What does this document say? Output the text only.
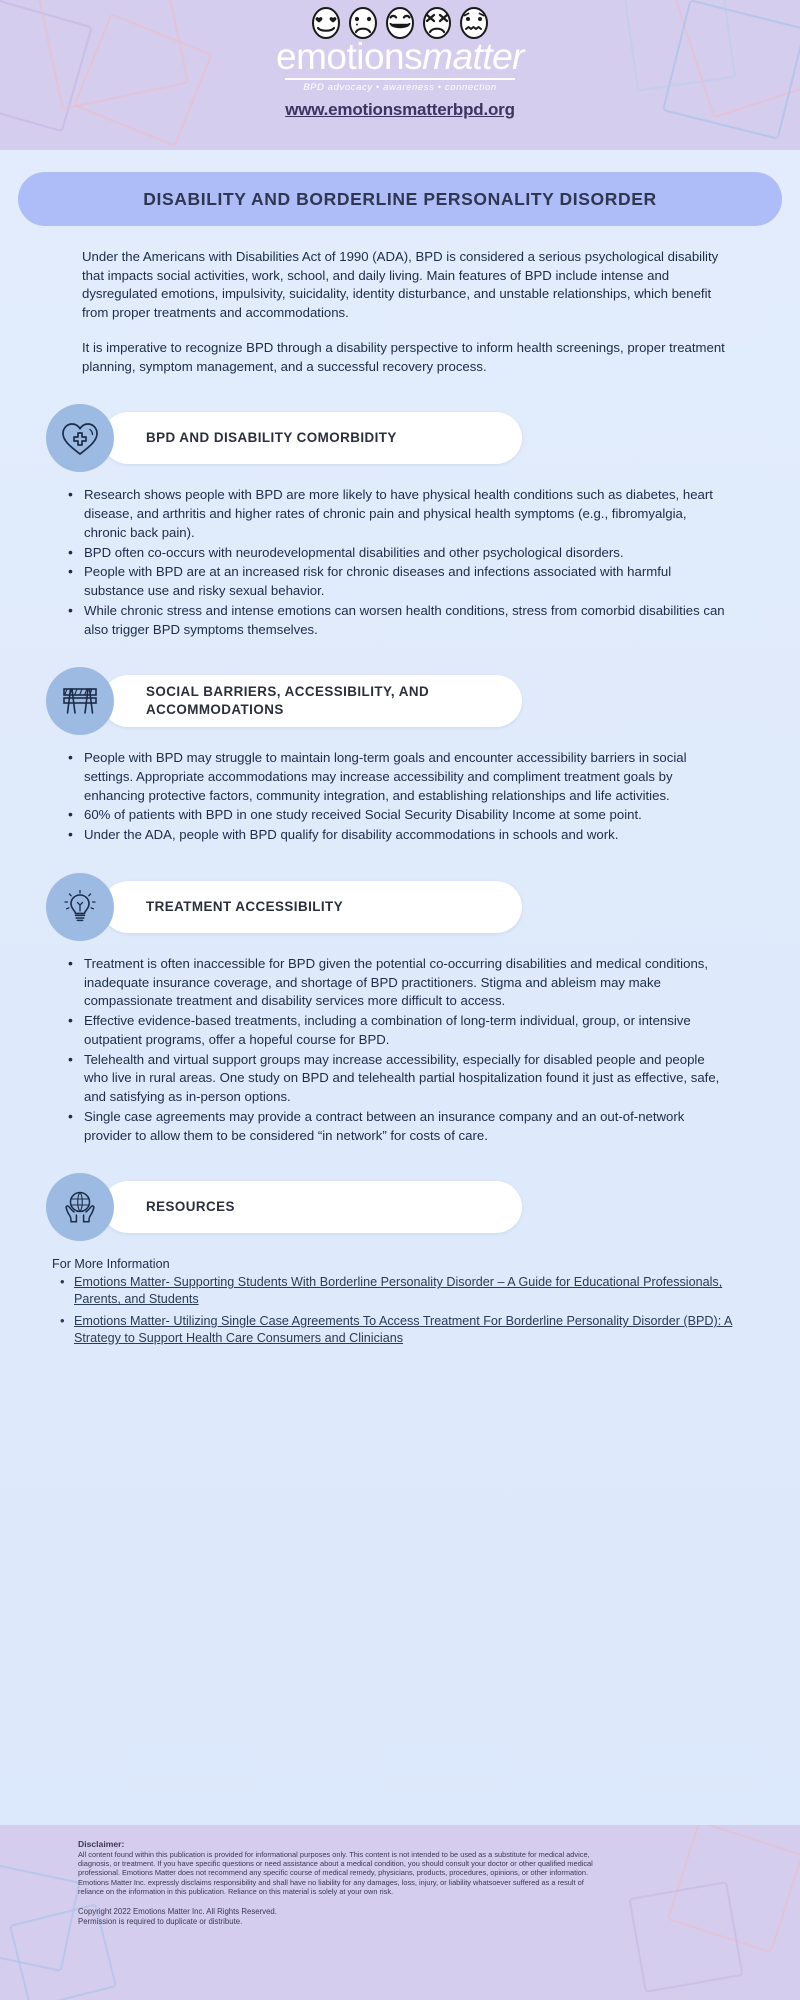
emotionsmatter
BPD advocacy • awareness • connection
www.emotionsmatterbpd.org
DISABILITY AND BORDERLINE PERSONALITY DISORDER

Under the Americans with Disabilities Act of 1990 (ADA), BPD is considered a serious psychological disability that impacts social activities, work, school, and daily living. Main features of BPD include intense and dysregulated emotions, impulsivity, suicidality, identity disturbance, and unstable relationships, which benefit from proper treatments and accommodations.

It is imperative to recognize BPD through a disability perspective to inform health screenings, proper treatment planning, symptom management, and a successful recovery process.

BPD AND DISABILITY COMORBIDITY
• Research shows people with BPD are more likely to have physical health conditions such as diabetes, heart disease, and arthritis and higher rates of chronic pain and physical health symptoms (e.g., fibromyalgia, chronic back pain).
• BPD often co-occurs with neurodevelopmental disabilities and other psychological disorders.
• People with BPD are at an increased risk for chronic diseases and infections associated with harmful substance use and risky sexual behavior.
• While chronic stress and intense emotions can worsen health conditions, stress from comorbid disabilities can also trigger BPD symptoms themselves.
SOCIAL BARRIERS, ACCESSIBILITY, AND ACCOMMODATIONS
• People with BPD may struggle to maintain long-term goals and encounter accessibility barriers in social settings. Appropriate accommodations may increase accessibility and compliment treatment goals by enhancing protective factors, community integration, and establishing relationships and life activities.
• 60% of patients with BPD in one study received Social Security Disability Income at some point.
• Under the ADA, people with BPD qualify for disability accommodations in schools and work.
TREATMENT ACCESSIBILITY
• Treatment is often inaccessible for BPD given the potential co-occurring disabilities and medical conditions, inadequate insurance coverage, and shortage of BPD practitioners. Stigma and ableism may make compassionate treatment and disability services more difficult to access.
• Effective evidence-based treatments, including a combination of long-term individual, group, or intensive outpatient programs, offer a hopeful course for BPD.
• Telehealth and virtual support groups may increase accessibility, especially for disabled people and people who live in rural areas. One study on BPD and telehealth partial hospitalization found it just as effective, safe, and satisfying as in-person options.
• Single case agreements may provide a contract between an insurance company and an out-of-network provider to allow them to be considered “in network” for costs of care.
RESOURCES
For More Information
• Emotions Matter- Supporting Students With Borderline Personality Disorder – A Guide for Educational Professionals, Parents, and Students
• Emotions Matter- Utilizing Single Case Agreements To Access Treatment For Borderline Personality Disorder (BPD): A Strategy to Support Health Care Consumers and Clinicians
Disclaimer:
All content found within this publication is provided for informational purposes only. This content is not intended to be used as a substitute for medical advice, diagnosis, or treatment. If you have specific questions or need assistance about a medical condition, you should consult your doctor or other qualified medical professional. Emotions Matter does not recommend any specific course of medical remedy, physicians, products, procedures, opinions, or other information. Emotions Matter Inc. expressly disclaims responsibility and shall have no liability for any damages, loss, injury, or liability whatsoever suffered as a result of reliance on the information in this publication. Reliance on this material is solely at your own risk.
Copyright 2022 Emotions Matter Inc. All Rights Reserved.
Permission is required to duplicate or distribute.
